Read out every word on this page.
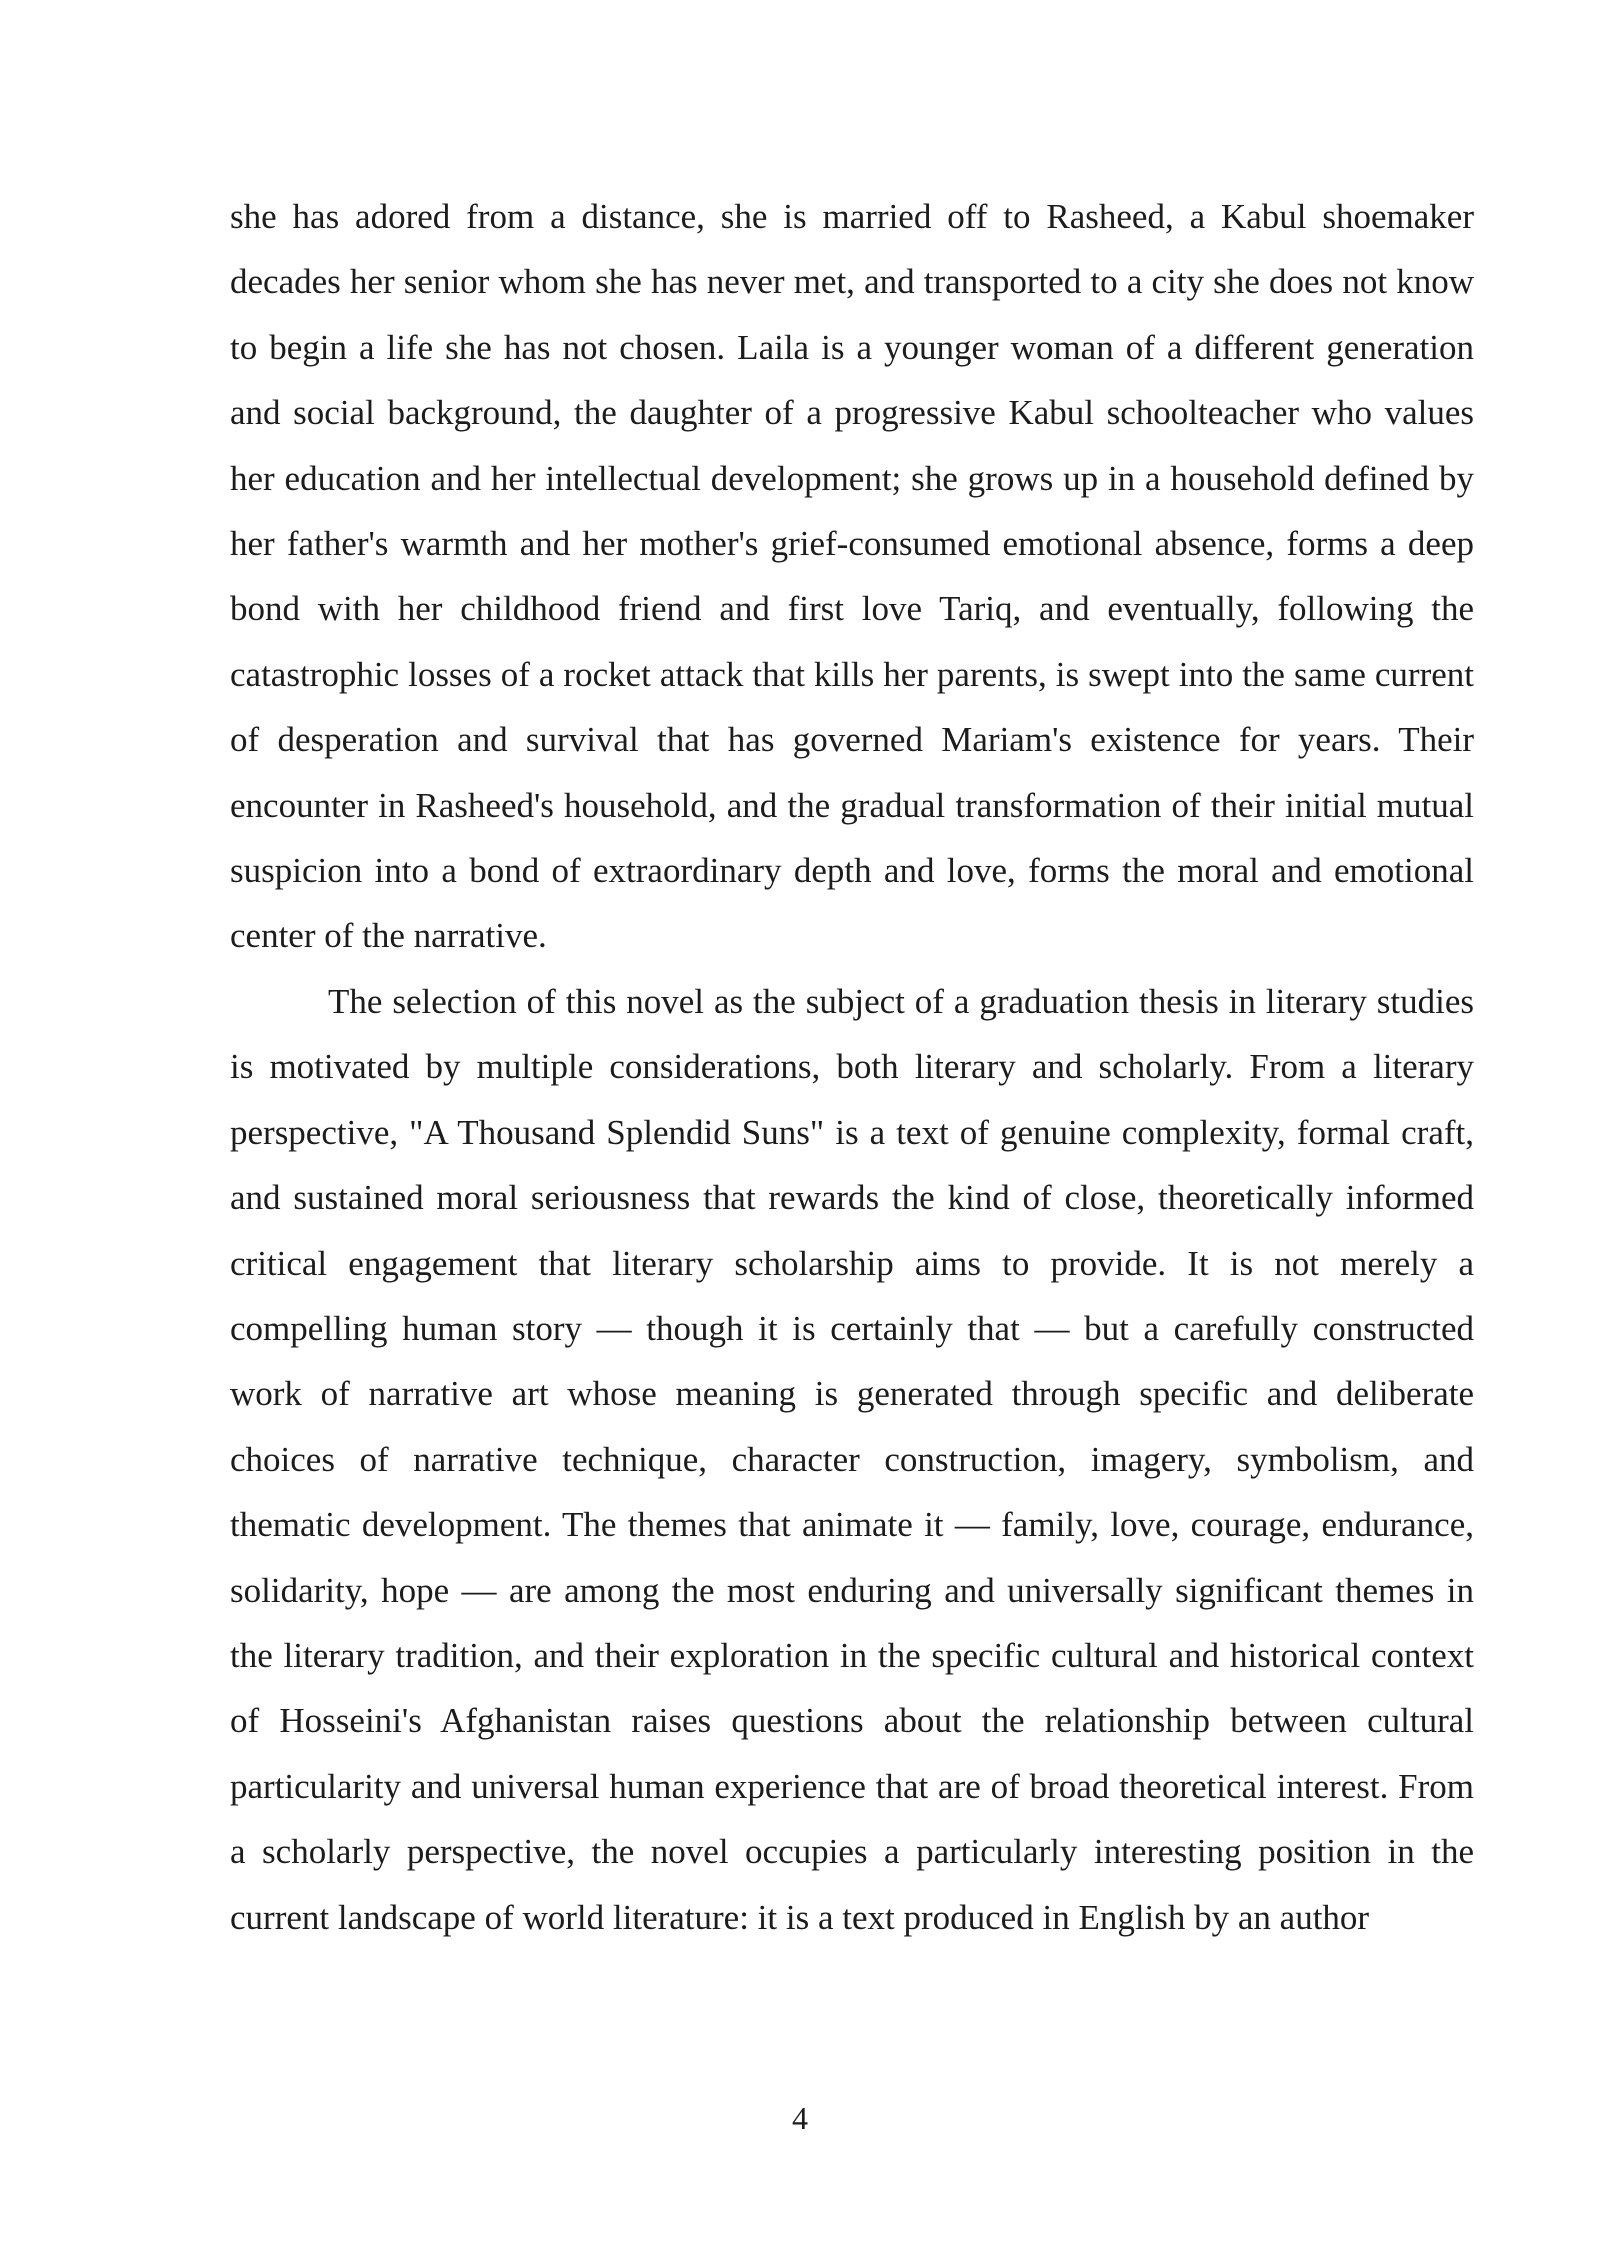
she has adored from a distance, she is married off to Rasheed, a Kabul shoemaker decades her senior whom she has never met, and transported to a city she does not know to begin a life she has not chosen. Laila is a younger woman of a different generation and social background, the daughter of a progressive Kabul schoolteacher who values her education and her intellectual development; she grows up in a household defined by her father's warmth and her mother's grief-consumed emotional absence, forms a deep bond with her childhood friend and first love Tariq, and eventually, following the catastrophic losses of a rocket attack that kills her parents, is swept into the same current of desperation and survival that has governed Mariam's existence for years. Their encounter in Rasheed's household, and the gradual transformation of their initial mutual suspicion into a bond of extraordinary depth and love, forms the moral and emotional center of the narrative.

The selection of this novel as the subject of a graduation thesis in literary studies is motivated by multiple considerations, both literary and scholarly. From a literary perspective, "A Thousand Splendid Suns" is a text of genuine complexity, formal craft, and sustained moral seriousness that rewards the kind of close, theoretically informed critical engagement that literary scholarship aims to provide. It is not merely a compelling human story — though it is certainly that — but a carefully constructed work of narrative art whose meaning is generated through specific and deliberate choices of narrative technique, character construction, imagery, symbolism, and thematic development. The themes that animate it — family, love, courage, endurance, solidarity, hope — are among the most enduring and universally significant themes in the literary tradition, and their exploration in the specific cultural and historical context of Hosseini's Afghanistan raises questions about the relationship between cultural particularity and universal human experience that are of broad theoretical interest. From a scholarly perspective, the novel occupies a particularly interesting position in the current landscape of world literature: it is a text produced in English by an author

4
